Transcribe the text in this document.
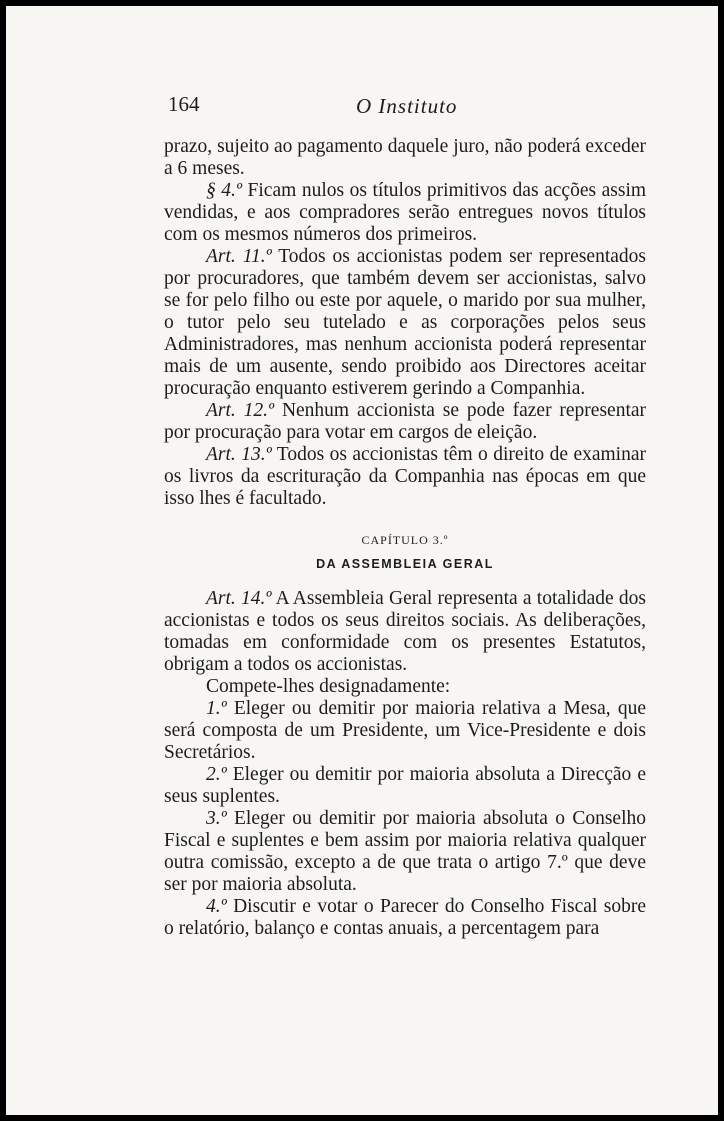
164	O Instituto

prazo, sujeito ao pagamento daquele juro, não poderá exceder a 6 meses.

§ 4.º Ficam nulos os títulos primitivos das acções assim vendidas, e aos compradores serão entregues novos títulos com os mesmos números dos primeiros.

Art. 11.º Todos os accionistas podem ser representados por procuradores, que também devem ser accionistas, salvo se for pelo filho ou este por aquele, o marido por sua mulher, o tutor pelo seu tutelado e as corporações pelos seus Administradores, mas nenhum accionista poderá representar mais de um ausente, sendo proibido aos Directores aceitar procuração enquanto estiverem gerindo a Companhia.

Art. 12.º Nenhum accionista se pode fazer representar por procuração para votar em cargos de eleição.

Art. 13.º Todos os accionistas têm o direito de examinar os livros da escrituração da Companhia nas épocas em que isso lhes é facultado.

CAPÍTULO 3.º
DA ASSEMBLEIA GERAL

Art. 14.º A Assembleia Geral representa a totalidade dos accionistas e todos os seus direitos sociais. As deliberações, tomadas em conformidade com os presentes Estatutos, obrigam a todos os accionistas.

Compete-lhes designadamente:

1.º Eleger ou demitir por maioria relativa a Mesa, que será composta de um Presidente, um Vice-Presidente e dois Secretários.

2.º Eleger ou demitir por maioria absoluta a Direcção e seus suplentes.

3.º Eleger ou demitir por maioria absoluta o Conselho Fiscal e suplentes e bem assim por maioria relativa qualquer outra comissão, excepto a de que trata o artigo 7.º que deve ser por maioria absoluta.

4.º Discutir e votar o Parecer do Conselho Fiscal sobre o relatório, balanço e contas anuais, a percentagem para
